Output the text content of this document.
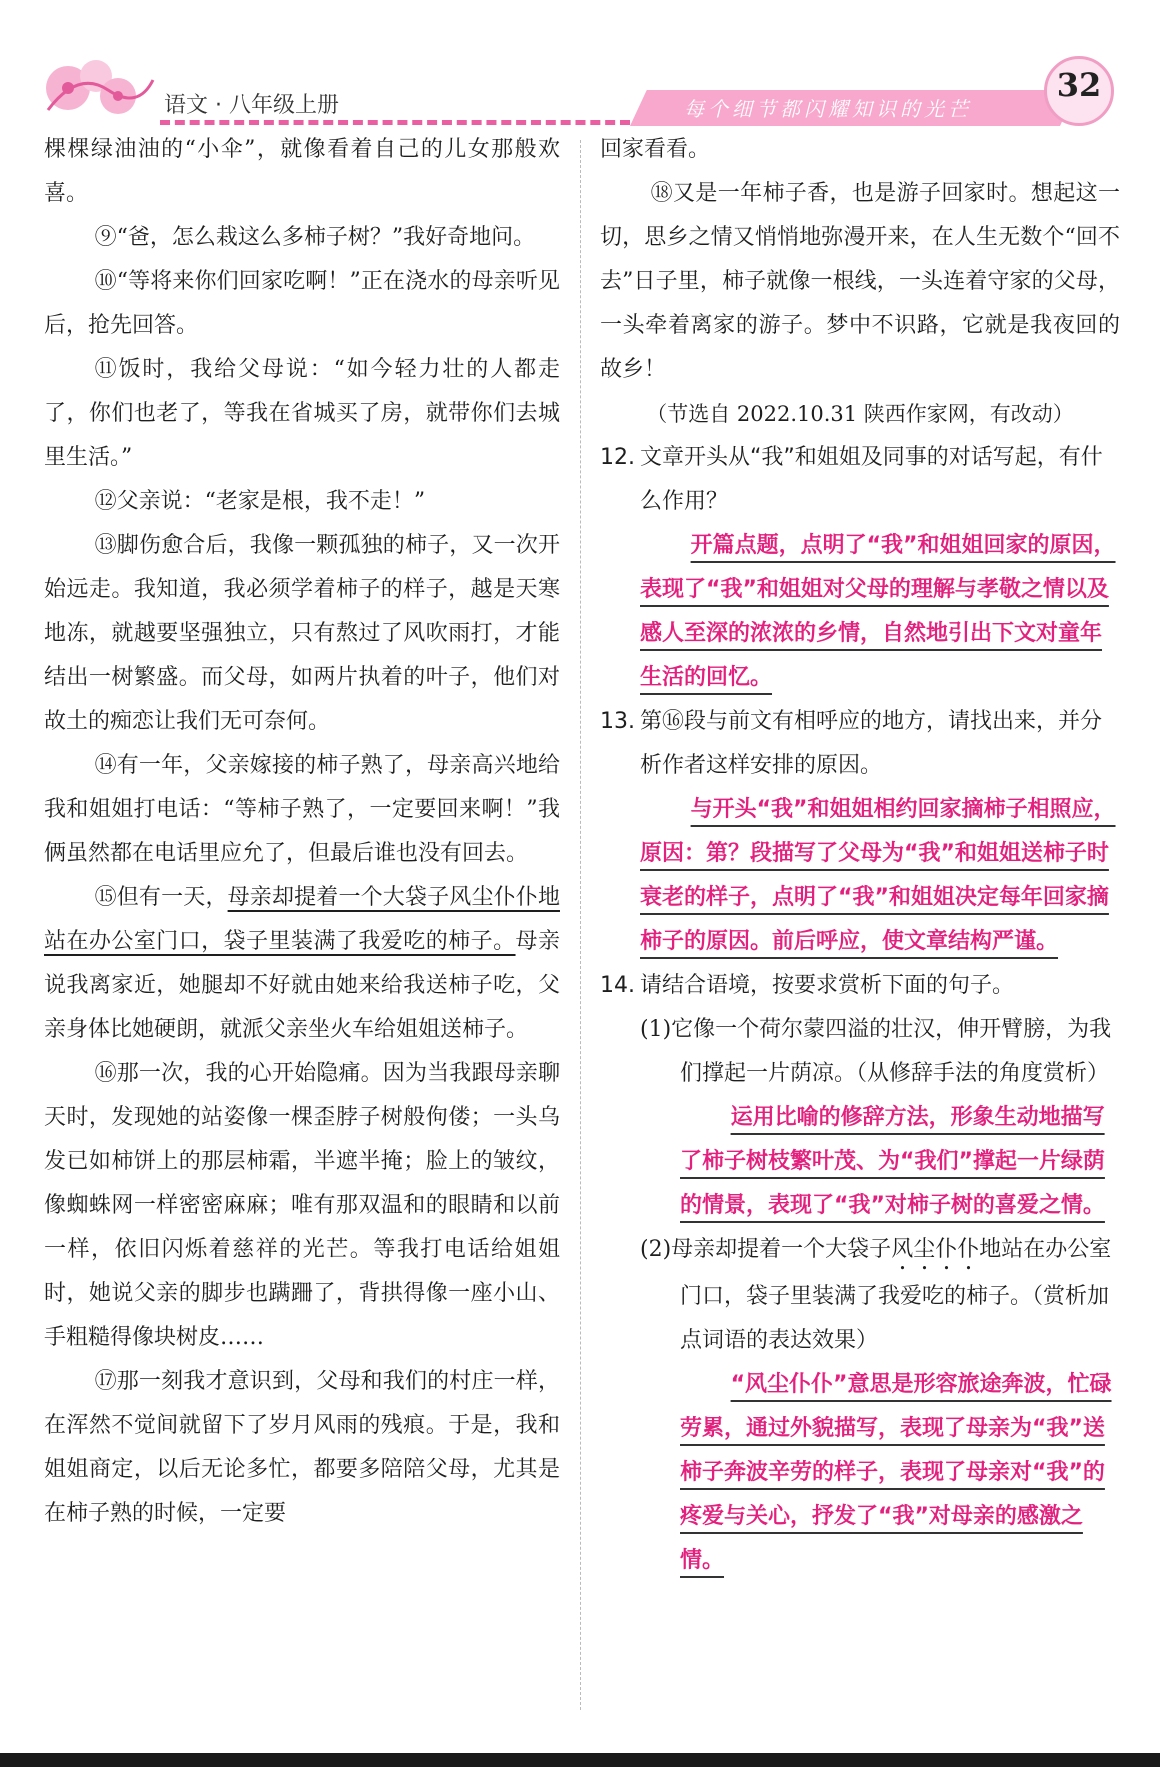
语文 · 八年级上册	每个细节都闪耀知识的光芒
32

棵棵绿油油的“小伞”，就像看着自己的儿女那般欢喜。

⑨“爸，怎么栽这么多柿子树？”我好奇地问。

⑩“等将来你们回家吃啊！”正在浇水的母亲听见后，抢先回答。

⑪饭时，我给父母说：“如今轻力壮的人都走了，你们也老了，等我在省城买了房，就带你们去城里生活。”

⑫父亲说：“老家是根，我不走！”

⑬脚伤愈合后，我像一颗孤独的柿子，又一次开始远走。我知道，我必须学着柿子的样子，越是天寒地冻，就越要坚强独立，只有熬过了风吹雨打，才能结出一树繁盛。而父母，如两片执着的叶子，他们对故土的痴恋让我们无可奈何。

⑭有一年，父亲嫁接的柿子熟了，母亲高兴地给我和姐姐打电话：“等柿子熟了，一定要回来啊！”我俩虽然都在电话里应允了，但最后谁也没有回去。

⑮但有一天，母亲却提着一个大袋子风尘仆仆地站在办公室门口，袋子里装满了我爱吃的柿子。母亲说我离家近，她腿却不好就由她来给我送柿子吃，父亲身体比她硬朗，就派父亲坐火车给姐姐送柿子。

⑯那一次，我的心开始隐痛。因为当我跟母亲聊天时，发现她的站姿像一棵歪脖子树般佝偻；一头乌发已如柿饼上的那层柿霜，半遮半掩；脸上的皱纹，像蜘蛛网一样密密麻麻；唯有那双温和的眼睛和以前一样，依旧闪烁着慈祥的光芒。等我打电话给姐姐时，她说父亲的脚步也蹒跚了，背拱得像一座小山、手粗糙得像块树皮……

⑰那一刻我才意识到，父母和我们的村庄一样，在浑然不觉间就留下了岁月风雨的残痕。于是，我和姐姐商定，以后无论多忙，都要多陪陪父母，尤其是在柿子熟的时候，一定要

回家看看。

⑱又是一年柿子香，也是游子回家时。想起这一切，思乡之情又悄悄地弥漫开来，在人生无数个“回不去”日子里，柿子就像一根线，一头连着守家的父母，一头牵着离家的游子。梦中不识路，它就是我夜回的故乡！

（节选自 2022.10.31 陕西作家网，有改动）

12. 文章开头从“我”和姐姐及同事的对话写起，有什么作用？

开篇点题，点明了“我”和姐姐回家的原因，表现了“我”和姐姐对父母的理解与孝敬之情以及感人至深的浓浓的乡情，自然地引出下文对童年生活的回忆。

13. 第⑯段与前文有相呼应的地方，请找出来，并分析作者这样安排的原因。

与开头“我”和姐姐相约回家摘柿子相照应，原因：第？段描写了父母为“我”和姐姐送柿子时衰老的样子，点明了“我”和姐姐决定每年回家摘柿子的原因。前后呼应，使文章结构严谨。

14. 请结合语境，按要求赏析下面的句子。

(1)它像一个荷尔蒙四溢的壮汉，伸开臂膀，为我们撑起一片荫凉。（从修辞手法的角度赏析）

运用比喻的修辞方法，形象生动地描写了柿子树枝繁叶茂、为“我们”撑起一片绿荫的情景，表现了“我”对柿子树的喜爱之情。

(2)母亲却提着一个大袋子风尘仆仆地站在办公室门口，袋子里装满了我爱吃的柿子。（赏析加点词语的表达效果）

“风尘仆仆”意思是形容旅途奔波，忙碌劳累，通过外貌描写，表现了母亲为“我”送柿子奔波辛劳的样子，表现了母亲对“我”的疼爱与关心，抒发了“我”对母亲的感激之情。
